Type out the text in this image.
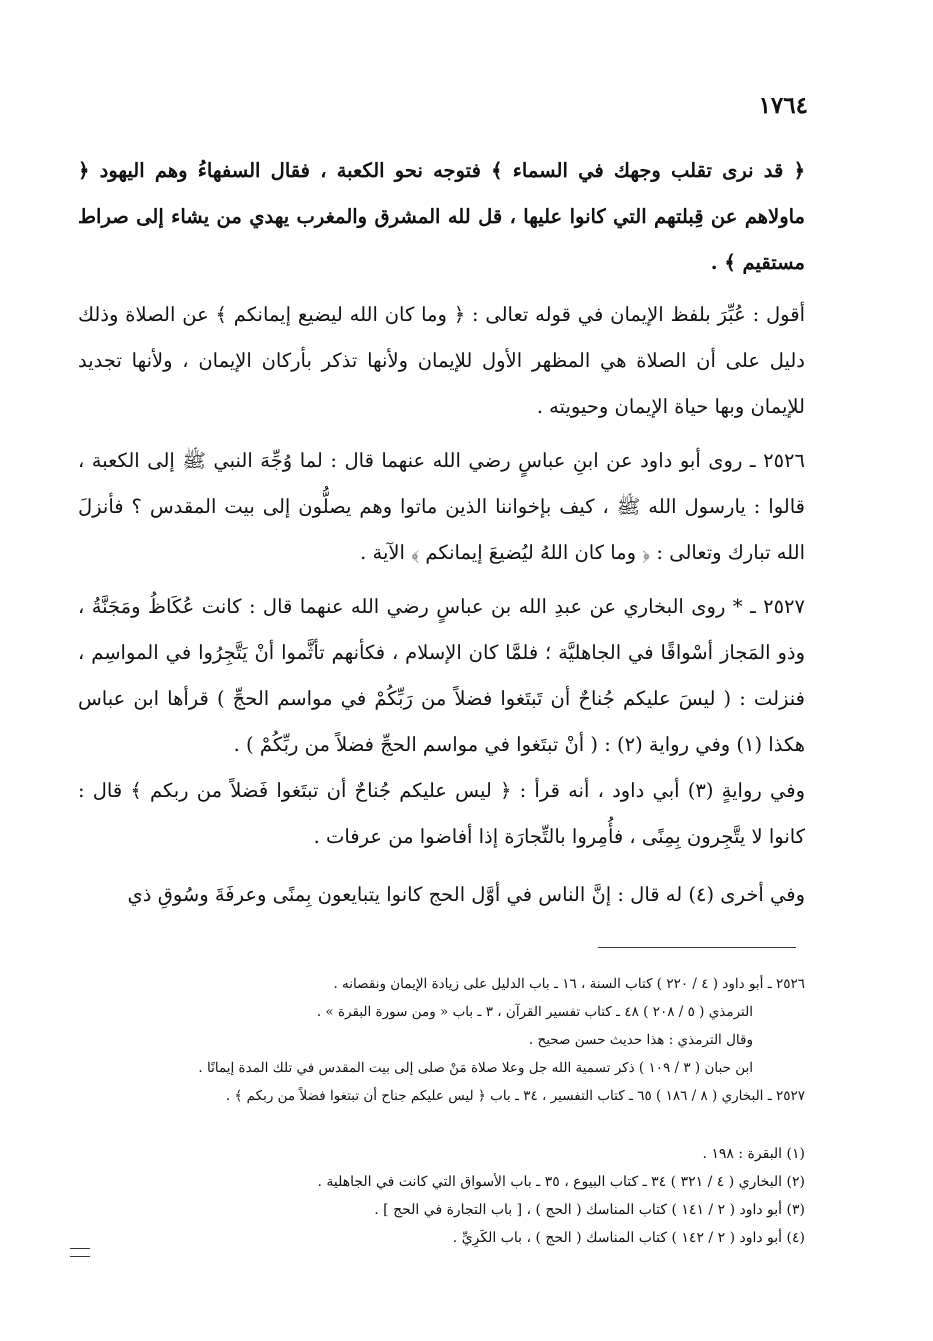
١٧٦٤

﴿ قد نرى تقلب وجهك في السماء ﴾ فتوجه نحو الكعبة ، فقال السفهاءُ وهم اليهود ﴿ ماولاهم عن قِبلتهم التي كانوا عليها ، قل لله المشرق والمغرب يهدي من يشاء إلى صراط مستقيم ﴾ .

أقول : عُبِّرَ بلفظ الإيمان في قوله تعالى : ﴿ وما كان الله ليضيع إيمانكم ﴾ عن الصلاة وذلك دليل على أن الصلاة هي المظهر الأول للإيمان ولأنها تذكر بأركان الإيمان ، ولأنها تجديد للإيمان وبها حياة الإيمان وحيويته .

٢٥٢٦ ـ روى أبو داود عن ابنِ عباسٍ رضي الله عنهما قال : لما وُجِّهَ النبي ﷺ إلى الكعبة ، قالوا : يارسول الله ﷺ ، كيف بإخواننا الذين ماتوا وهم يصلُّون إلى بيت المقدس ؟ فأنزلَ الله تبارك وتعالى : ﴿ وما كان اللهُ ليُضيعَ إيمانكم ﴾ الآية .

٢٥٢٧ ـ * روى البخاري عن عبدِ الله بن عباسٍ رضي الله عنهما قال : كانت عُكَاظُ ومَجَنَّةُ ، وذو المَجاز أسْواقًا في الجاهليَّة ؛ فلمَّا كان الإسلام ، فكأنهم تأثَّموا أنْ يَتَّجِرُوا في المواسِم ، فنزلت : ( ليسَ عليكم جُناحٌ أن تَبتَغوا فضلاً من رَبِّكُمْ في مواسم الحجِّ ) قرأها ابن عباس هكذا (١) وفي رواية (٢) : ( أنْ تبتَغوا في مواسم الحجِّ فضلاً من ربِّكُمْ ) .

وفي روايةٍ (٣) أبي داود ، أنه قرأ : ﴿ ليس عليكم جُناحٌ أن تبتَغوا فَضلاً من ربكم ﴾ قال : كانوا لا يتَّجِرون بِمِنًى ، فأُمِروا بالتِّجارَة إذا أفاضوا من عرفات .

وفي أخرى (٤) له قال : إنَّ الناس في أوَّل الحج كانوا يتبايعون بِمنًى وعرفَةَ وسُوقِ ذي

٢٥٢٦ ـ أبو داود ( ٤ / ٢٢٠ ) كتاب السنة ، ١٦ ـ باب الدليل على زيادة الإيمان ونقصانه .

الترمذي ( ٥ / ٢٠٨ ) ٤٨ ـ كتاب تفسير القرآن ، ٣ ـ باب « ومن سورة البقرة » .

وقال الترمذي : هذا حديث حسن صحيح .

ابن حبان ( ٣ / ١٠٩ ) ذكر تسمية الله جل وعلا صلاة مَنْ صلى إلى بيت المقدس في تلك المدة إيمانًا .

٢٥٢٧ ـ البخاري ( ٨ / ١٨٦ ) ٦٥ ـ كتاب التفسير ، ٣٤ ـ باب ﴿ ليس عليكم جناح أن تبتغوا فضلاً من ربكم ﴾ .

(١) البقرة : ١٩٨ .

(٢) البخاري ( ٤ / ٣٢١ ) ٣٤ ـ كتاب البيوع ، ٣٥ ـ باب الأسواق التي كانت في الجاهلية .

(٣) أبو داود ( ٢ / ١٤١ ) كتاب المناسك ( الحج ) ، [ باب التجارة في الحج ] .

(٤) أبو داود ( ٢ / ١٤٢ ) كتاب المناسك ( الحج ) ، باب الكَرِيِّ .
